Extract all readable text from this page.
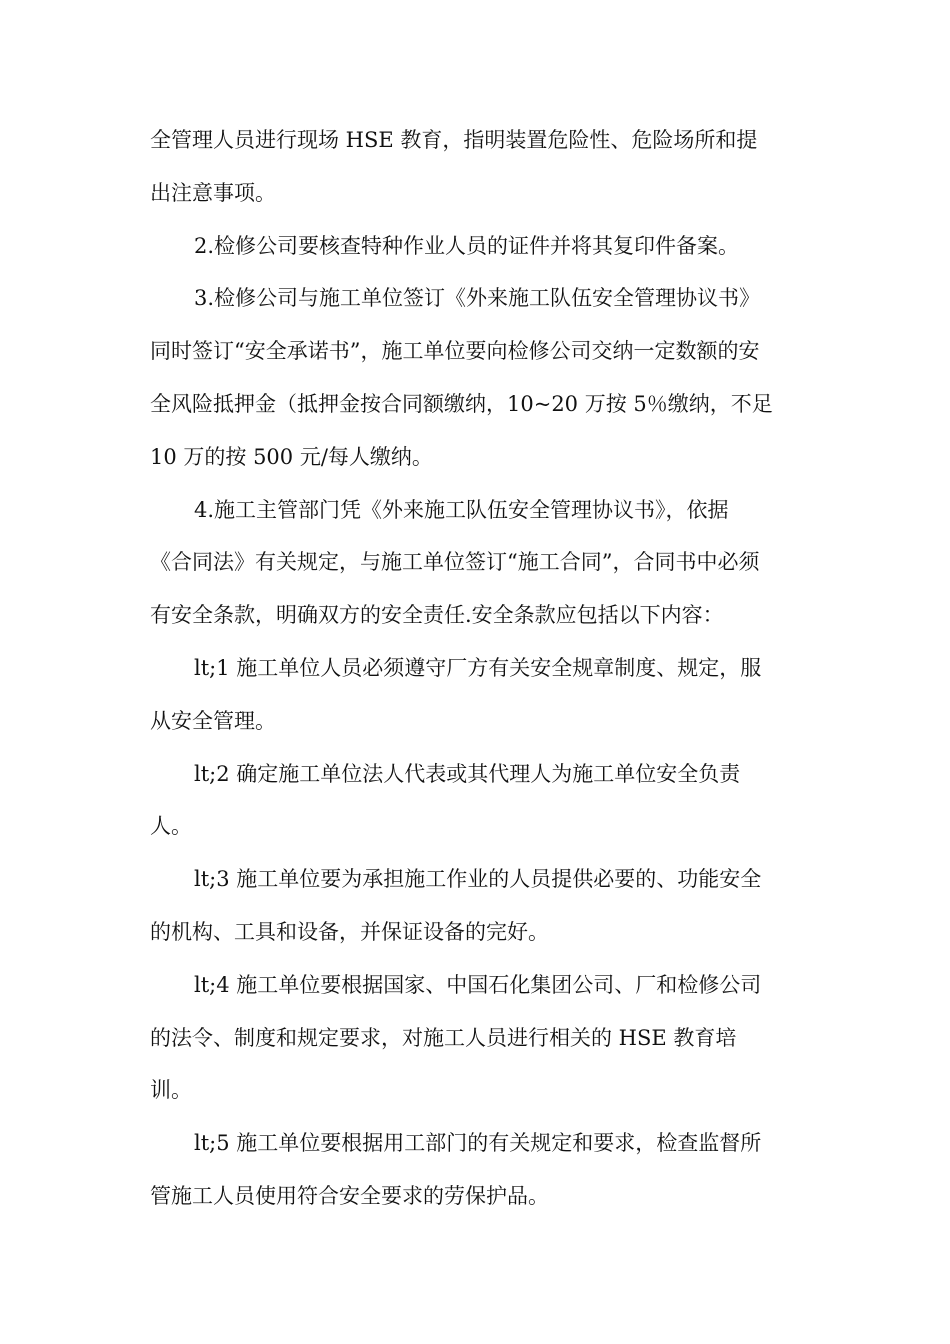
全管理人员进行现场 HSE 教育，指明装置危险性、危险场所和提
出注意事项。
2.检修公司要核查特种作业人员的证件并将其复印件备案。
3.检修公司与施工单位签订《外来施工队伍安全管理协议书》
同时签订“安全承诺书”，施工单位要向检修公司交纳一定数额的安
全风险抵押金（抵押金按合同额缴纳，10~20 万按 5％缴纳，不足
10 万的按 500 元/每人缴纳。
4.施工主管部门凭《外来施工队伍安全管理协议书》，依据
《合同法》有关规定，与施工单位签订“施工合同”，合同书中必须
有安全条款，明确双方的安全责任.安全条款应包括以下内容：
lt;1 施工单位人员必须遵守厂方有关安全规章制度、规定，服
从安全管理。
lt;2 确定施工单位法人代表或其代理人为施工单位安全负责
人。
lt;3 施工单位要为承担施工作业的人员提供必要的、功能安全
的机构、工具和设备，并保证设备的完好。
lt;4 施工单位要根据国家、中国石化集团公司、厂和检修公司
的法令、制度和规定要求，对施工人员进行相关的 HSE 教育培
训。
lt;5 施工单位要根据用工部门的有关规定和要求，检查监督所
管施工人员使用符合安全要求的劳保护品。
